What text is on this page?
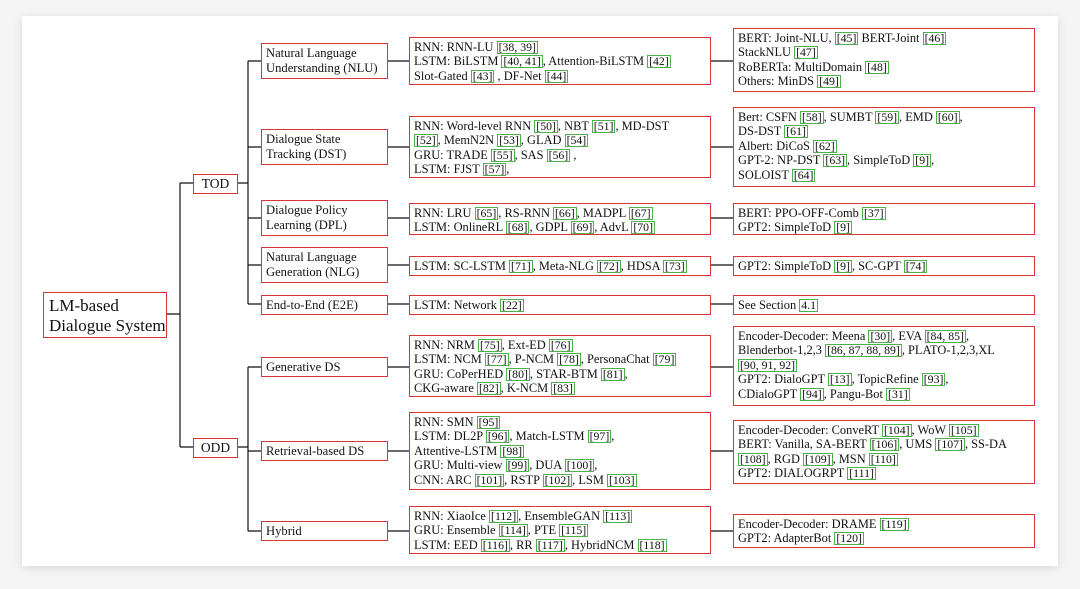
LM-based
Dialogue System
TOD
ODD
Natural Language
Understanding (NLU)
Dialogue State
Tracking (DST)
Dialogue Policy
Learning (DPL)
Natural Language
Generation (NLG)
End-to-End (E2E)
Generative DS
Retrieval-based DS
Hybrid
RNN: RNN-LU [38, 39]
LSTM: BiLSTM [40, 41] , Attention-BiLSTM [42]
Slot-Gated [43] , DF-Net [44]
RNN: Word-level RNN [50] , NBT [51] , MD-DST
[52] , MemN2N [53] , GLAD [54]
GRU: TRADE [55] , SAS [56] ,
LSTM: FJST [57] ,
RNN: LRU [65] , RS-RNN [66] , MADPL [67]
LSTM: OnlineRL [68] , GDPL [69] , AdvL [70]
LSTM: SC-LSTM [71] , Meta-NLG [72] , HDSA [73]
LSTM: Network [22]
RNN: NRM [75] , Ext-ED [76]
LSTM: NCM [77] , P-NCM [78] , PersonaChat [79]
GRU: CoPerHED [80] , STAR-BTM [81] ,
CKG-aware [82] , K-NCM [83]
RNN: SMN [95]
LSTM: DL2P [96] , Match-LSTM [97] ,
Attentive-LSTM [98]
GRU: Multi-view [99] , DUA [100] ,
CNN: ARC [101] , RSTP [102] , LSM [103]
RNN: XiaoIce [112] , EnsembleGAN [113]
GRU: Ensemble [114] , PTE [115]
LSTM: EED [116] , RR [117] , HybridNCM [118]
BERT: Joint-NLU, [45] BERT-Joint [46]
StackNLU [47]
RoBERTa: MultiDomain [48]
Others: MinDS [49]
Bert: CSFN [58] , SUMBT [59] , EMD [60] ,
DS-DST [61]
Albert: DiCoS [62]
GPT-2: NP-DST [63] , SimpleToD [9] ,
SOLOIST [64]
BERT: PPO-OFF-Comb [37]
GPT2: SimpleToD [9]
GPT2: SimpleToD [9] , SC-GPT [74]
See Section 4.1
Encoder-Decoder: Meena [30] , EVA [84, 85] ,
Blenderbot-1,2,3 [86, 87, 88, 89] , PLATO-1,2,3,XL
[90, 91, 92]
GPT2: DialoGPT [13] , TopicRefine [93] ,
CDialoGPT [94] , Pangu-Bot [31]
Encoder-Decoder: ConveRT [104] , WoW [105]
BERT: Vanilla, SA-BERT [106] , UMS [107] , SS-DA
[108] , RGD [109] , MSN [110]
GPT2: DIALOGRPT [111]
Encoder-Decoder: DRAME [119]
GPT2: AdapterBot [120]
